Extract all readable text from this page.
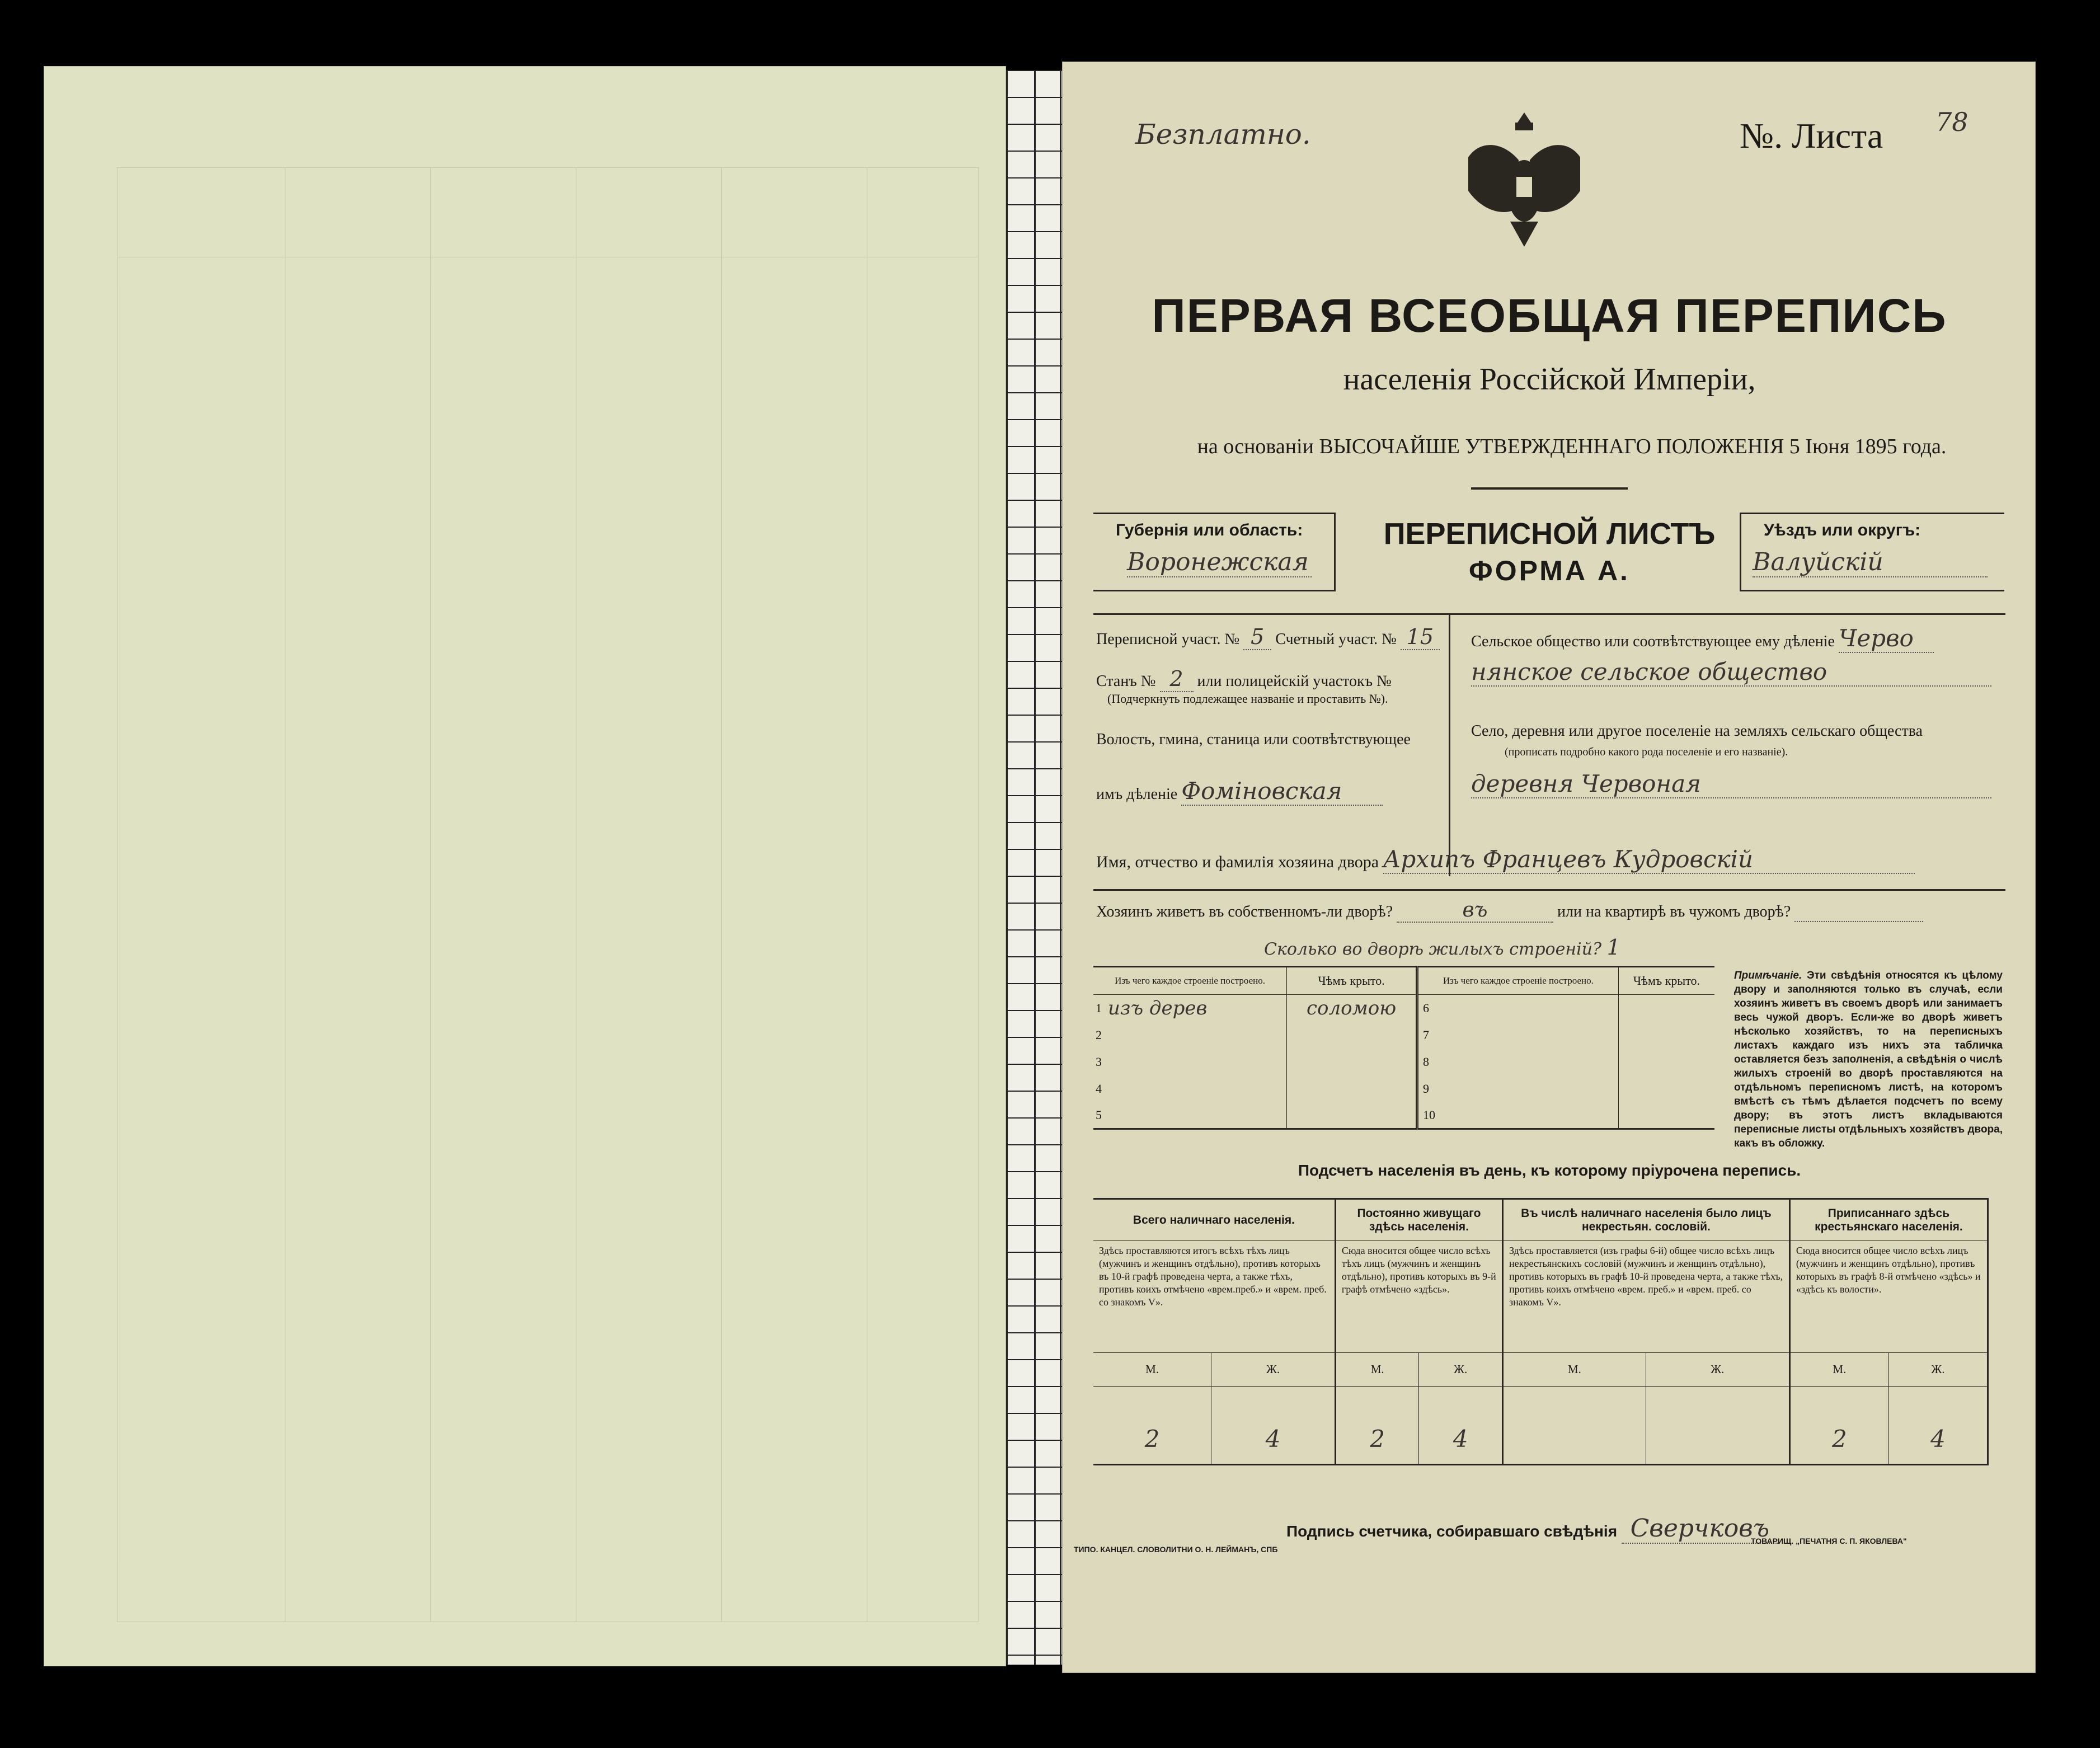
Безплатно.	№. Листа 78
ПЕРВАЯ ВСЕОБЩАЯ ПЕРЕПИСЬ
населенія Россійской Имперіи,
на основаніи ВЫСОЧАЙШЕ УТВЕРЖДЕННАГО ПОЛОЖЕНІЯ 5 Іюня 1895 года.
Губернія или область:
Воронежская
ПЕРЕПИСНОЙ ЛИСТЪ
ФОРМА А.
Уѣздъ или округъ:
Валуйскій
Переписной участ. № 5 Счетный участ. № 15
Станъ № 2 или полицейскій участокъ №
(Подчеркнуть подлежащее названіе и проставить №).
Волость, гмина, станица или соотвѣтствующее
имъ дѣленіе Фоміновская
Сельское общество или соотвѣтствующее ему дѣленіе Черво
нянское сельское общество
Село, деревня или другое поселеніе на земляхъ сельскаго общества
(прописать подробно какого рода поселеніе и его названіе).
деревня Червоная
Имя, отчество и фамилія хозяина двора Архипъ Францевъ Кудровскій
Хозяинъ живетъ въ собственномъ-ли дворѣ?	въ	или на квартирѣ въ чужомъ дворѣ?
Сколько во дворѣ жилыхъ строеній? 1
Изъ чего каждое строеніе построено.		Чѣмъ крыто.	Изъ чего каждое строеніе построено.		Чѣмъ крыто.
1	изъ дерев	соломою	6		
2			7		
3			8		
4			9		
5			10		
Примѣчаніе. Эти свѣдѣнія относятся къ цѣлому двору и заполняются только въ случаѣ, если хозяинъ живетъ въ своемъ дворѣ или занимаетъ весь чужой дворъ. Если-же во дворѣ живетъ нѣсколько хозяйствъ, то на переписныхъ листахъ каждаго изъ нихъ эта табличка оставляется безъ заполненія, а свѣдѣнія о числѣ жилыхъ строеній во дворѣ проставляются на отдѣльномъ переписномъ листѣ, на которомъ вмѣстѣ съ тѣмъ дѣлается подсчетъ по всему двору; въ этотъ листъ вкладываются переписные листы отдѣльныхъ хозяйствъ двора, какъ въ обложку.
Подсчетъ населенія въ день, къ которому пріурочена перепись.
Всего наличнаго населенія.		Постоянно живущаго здѣсь населенія.		Въ числѣ наличнаго населенія было лицъ некрестьян. сословій.		Приписаннаго здѣсь крестьянскаго населенія.	
Здѣсь проставляются итогъ всѣхъ тѣхъ лицъ (мужчинъ и женщинъ отдѣльно), противъ которыхъ въ 10-й графѣ проведена черта, а также тѣхъ, противъ коихъ отмѣчено «врем.преб.» и «врем. преб. со знакомъ V».		Сюда вносится общее число всѣхъ тѣхъ лицъ (мужчинъ и женщинъ отдѣльно), противъ которыхъ въ 9-й графѣ отмѣчено «здѣсь».		Здѣсь проставляется (изъ графы 6-й) общее число всѣхъ лицъ некрестьянскихъ сословій (мужчинъ и женщинъ отдѣльно), противъ которыхъ въ графѣ 10-й проведена черта, а также тѣхъ, противъ коихъ отмѣчено «врем. преб.» и «врем. преб. со знакомъ V».		Сюда вносится общее число всѣхъ лицъ (мужчинъ и женщинъ отдѣльно), противъ которыхъ въ графѣ 8-й отмѣчено «здѣсь» и «здѣсь къ волости».	
М.	Ж.	М.	Ж.	М.	Ж.	М.	Ж.
2	4	2	4			2	4
Подпись счетчика, собиравшаго свѣдѣнія Сверчковъ
ТИПО. КАНЦЕЛ. СЛОВОЛИТНИ О. Н. ЛЕЙМАНЪ, СПБ
ТОВАРИЩ. „ПЕЧАТНЯ С. П. ЯКОВЛЕВА"
